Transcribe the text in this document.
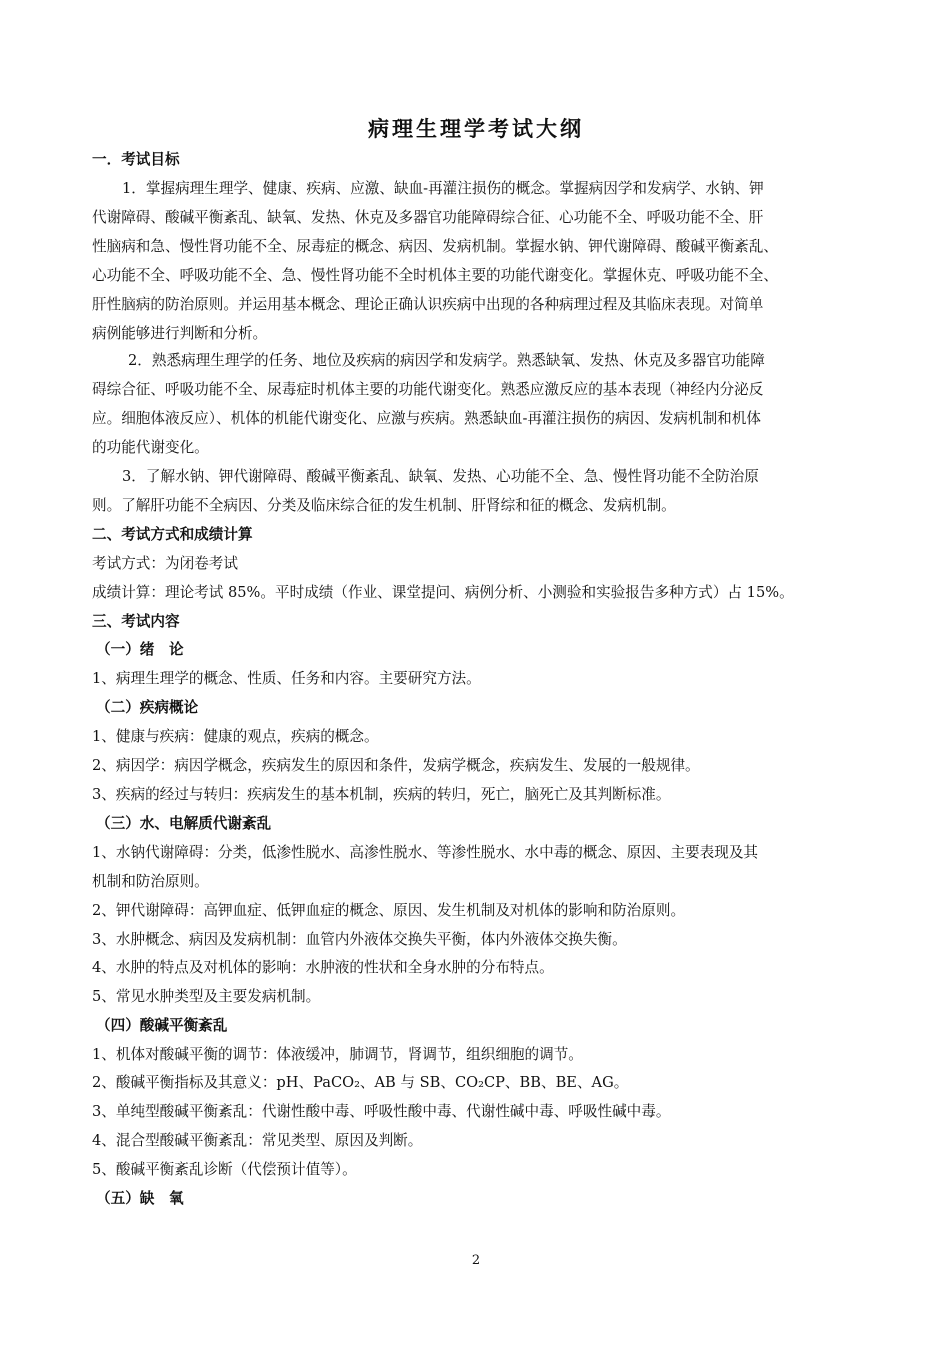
病理生理学考试大纲
一．考试目标
1．掌握病理生理学、健康、疾病、应激、缺血-再灌注损伤的概念。掌握病因学和发病学、水钠、钾
代谢障碍、酸碱平衡紊乱、缺氧、发热、休克及多器官功能障碍综合征、心功能不全、呼吸功能不全、肝
性脑病和急、慢性肾功能不全、尿毒症的概念、病因、发病机制。掌握水钠、钾代谢障碍、酸碱平衡紊乱、
心功能不全、呼吸功能不全、急、慢性肾功能不全时机体主要的功能代谢变化。掌握休克、呼吸功能不全、
肝性脑病的防治原则。并运用基本概念、理论正确认识疾病中出现的各种病理过程及其临床表现。对简单
病例能够进行判断和分析。
2．熟悉病理生理学的任务、地位及疾病的病因学和发病学。熟悉缺氧、发热、休克及多器官功能障
碍综合征、呼吸功能不全、尿毒症时机体主要的功能代谢变化。熟悉应激反应的基本表现（神经内分泌反
应。细胞体液反应）、机体的机能代谢变化、应激与疾病。熟悉缺血-再灌注损伤的病因、发病机制和机体
的功能代谢变化。
3．了解水钠、钾代谢障碍、酸碱平衡紊乱、缺氧、发热、心功能不全、急、慢性肾功能不全防治原
则。了解肝功能不全病因、分类及临床综合征的发生机制、肝肾综和征的概念、发病机制。
二、考试方式和成绩计算
考试方式：为闭卷考试
成绩计算：理论考试 85%。平时成绩（作业、课堂提问、病例分析、小测验和实验报告多种方式）占 15%。
三、考试内容
（一）绪　论
1、病理生理学的概念、性质、任务和内容。主要研究方法。
（二）疾病概论
1、健康与疾病：健康的观点，疾病的概念。
2、病因学：病因学概念，疾病发生的原因和条件，发病学概念，疾病发生、发展的一般规律。
3、疾病的经过与转归：疾病发生的基本机制，疾病的转归，死亡，脑死亡及其判断标准。
（三）水、电解质代谢紊乱
1、水钠代谢障碍：分类，低渗性脱水、高渗性脱水、等渗性脱水、水中毒的概念、原因、主要表现及其
机制和防治原则。
2、钾代谢障碍：高钾血症、低钾血症的概念、原因、发生机制及对机体的影响和防治原则。
3、水肿概念、病因及发病机制：血管内外液体交换失平衡，体内外液体交换失衡。
4、水肿的特点及对机体的影响：水肿液的性状和全身水肿的分布特点。
5、常见水肿类型及主要发病机制。
（四）酸碱平衡紊乱
1、机体对酸碱平衡的调节：体液缓冲，肺调节，肾调节，组织细胞的调节。
2、酸碱平衡指标及其意义：pH、PaCO₂、AB 与 SB、CO₂CP、BB、BE、AG。
3、单纯型酸碱平衡紊乱：代谢性酸中毒、呼吸性酸中毒、代谢性碱中毒、呼吸性碱中毒。
4、混合型酸碱平衡紊乱：常见类型、原因及判断。
5、酸碱平衡紊乱诊断（代偿预计值等）。
（五）缺　氧
2
